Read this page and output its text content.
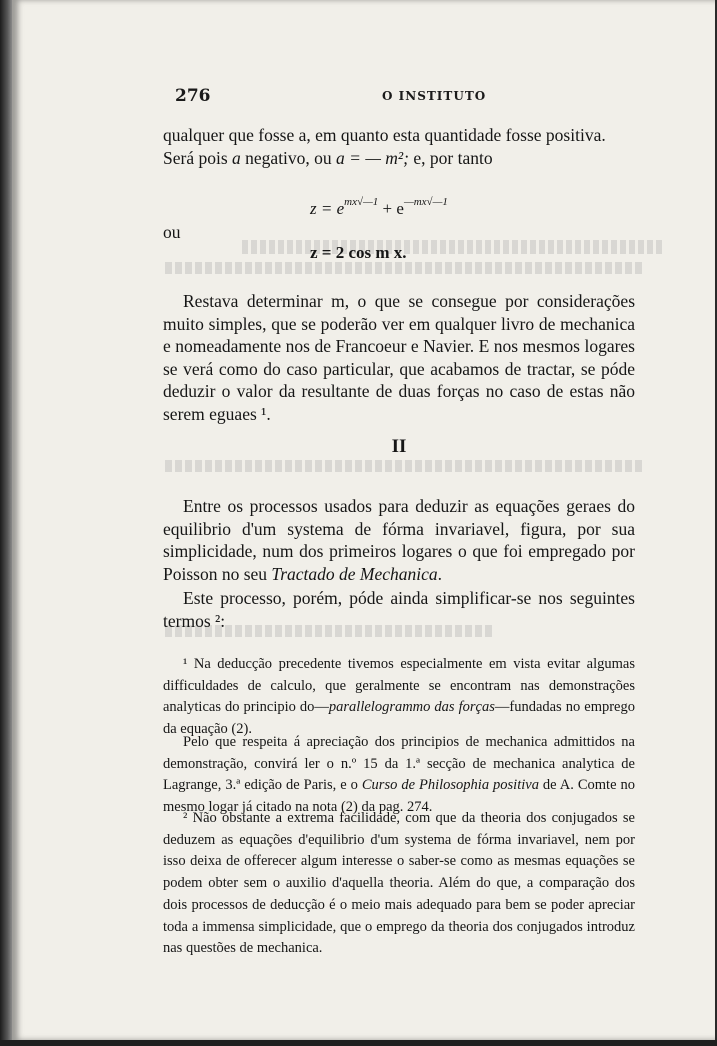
276	O INSTITUTO
qualquer que fosse a, em quanto esta quantidade fosse positiva.
Será pois a negativo, ou a = — m²; e, por tanto
$z = e^{mx√—1} + e^{—mx√—1}$
ou
z = 2 cos m x.
Restava determinar m, o que se consegue por considerações muito simples, que se poderão ver em qualquer livro de mechanica e nomeadamente nos de Francoeur e Navier. E nos mesmos logares se verá como do caso particular, que acabamos de tractar, se póde deduzir o valor da resultante de duas forças no caso de estas não serem eguaes ¹.
II
Entre os processos usados para deduzir as equações geraes do equilibrio d'um systema de fórma invariavel, figura, por sua simplicidade, num dos primeiros logares o que foi empregado por Poisson no seu Tractado de Mechanica.
Este processo, porém, póde ainda simplificar-se nos seguintes termos ²:
¹ Na deducção precedente tivemos especialmente em vista evitar algumas difficuldades de calculo, que geralmente se encontram nas demonstrações analyticas do principio do—parallelogrammo das forças—fundadas no emprego da equação (2).
Pelo que respeita á apreciação dos principios de mechanica admittidos na demonstração, convirá ler o n.º 15 da 1.ª secção de mechanica analytica de Lagrange, 3.ª edição de Paris, e o Curso de Philosophia positiva de A. Comte no mesmo logar já citado na nota (2) da pag. 274.
² Não obstante a extrema facilidade, com que da theoria dos conjugados se deduzem as equações d'equilibrio d'um systema de fórma invariavel, nem por isso deixa de offerecer algum interesse o saber-se como as mesmas equações se podem obter sem o auxilio d'aquella theoria. Além do que, a comparação dos dois processos de deducção é o meio mais adequado para bem se poder apreciar toda a immensa simplicidade, que o emprego da theoria dos conjugados introduz nas questões de mechanica.
